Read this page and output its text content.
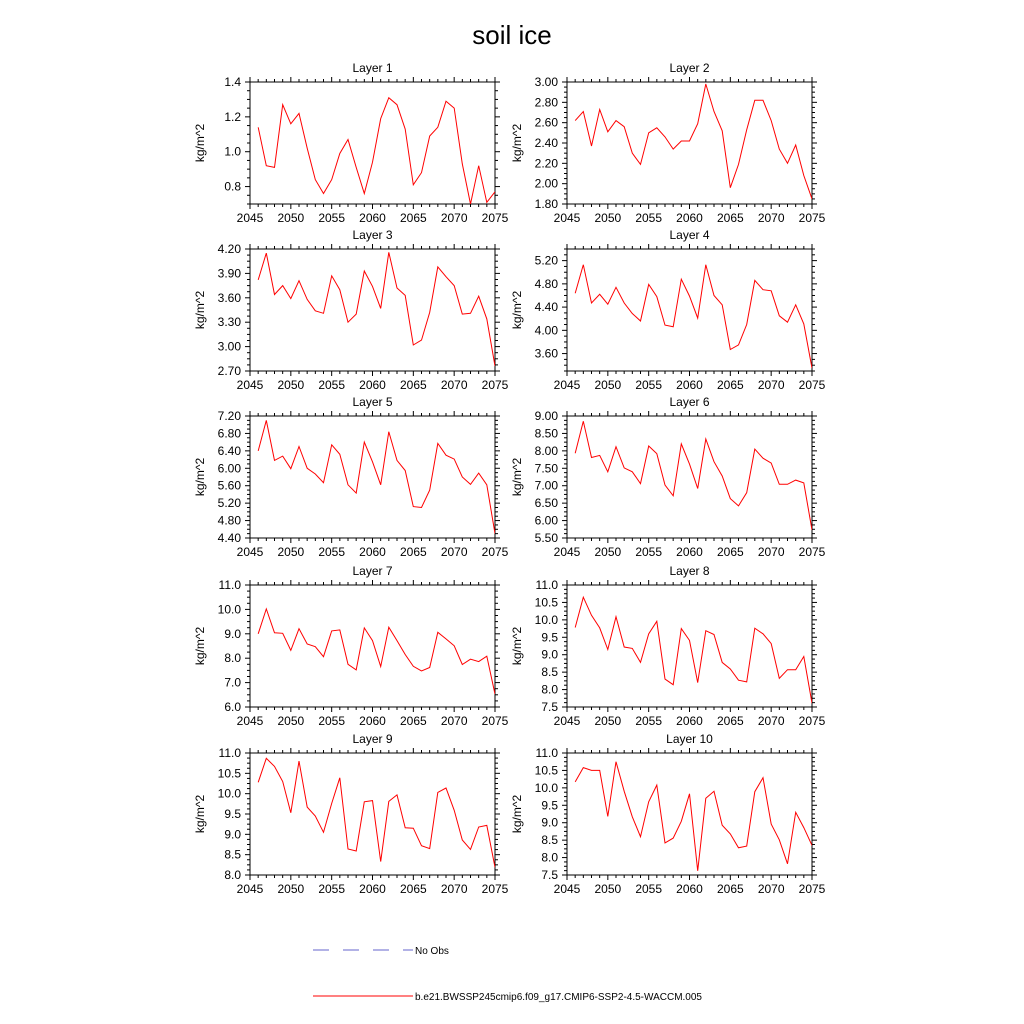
soil ice
Layer 1
2045 2050 2055 2060 2065 2070 2075
0.8
1.0
1.2
1.4
kg/m^2
Layer 2
2045 2050 2055 2060 2065 2070 2075
1.80
2.00
2.20
2.40
2.60
2.80
3.00
kg/m^2
Layer 3
2045 2050 2055 2060 2065 2070 2075
2.70
3.00
3.30
3.60
3.90
4.20
kg/m^2
Layer 4
2045 2050 2055 2060 2065 2070 2075
3.60
4.00
4.40
4.80
5.20
kg/m^2
Layer 5
2045 2050 2055 2060 2065 2070 2075
4.40
4.80
5.20
5.60
6.00
6.40
6.80
7.20
kg/m^2
Layer 6
2045 2050 2055 2060 2065 2070 2075
5.50
6.00
6.50
7.00
7.50
8.00
8.50
9.00
kg/m^2
Layer 7
2045 2050 2055 2060 2065 2070 2075
6.0
7.0
8.0
9.0
10.0
11.0
kg/m^2
Layer 8
2045 2050 2055 2060 2065 2070 2075
7.5
8.0
8.5
9.0
9.5
10.0
10.5
11.0
kg/m^2
Layer 9
2045 2050 2055 2060 2065 2070 2075
8.0
8.5
9.0
9.5
10.0
10.5
11.0
kg/m^2
Layer 10
2045 2050 2055 2060 2065 2070 2075
7.5
8.0
8.5
9.0
9.5
10.0
10.5
11.0
kg/m^2
No Obs
b.e21.BWSSP245cmip6.f09_g17.CMIP6-SSP2-4.5-WACCM.005
